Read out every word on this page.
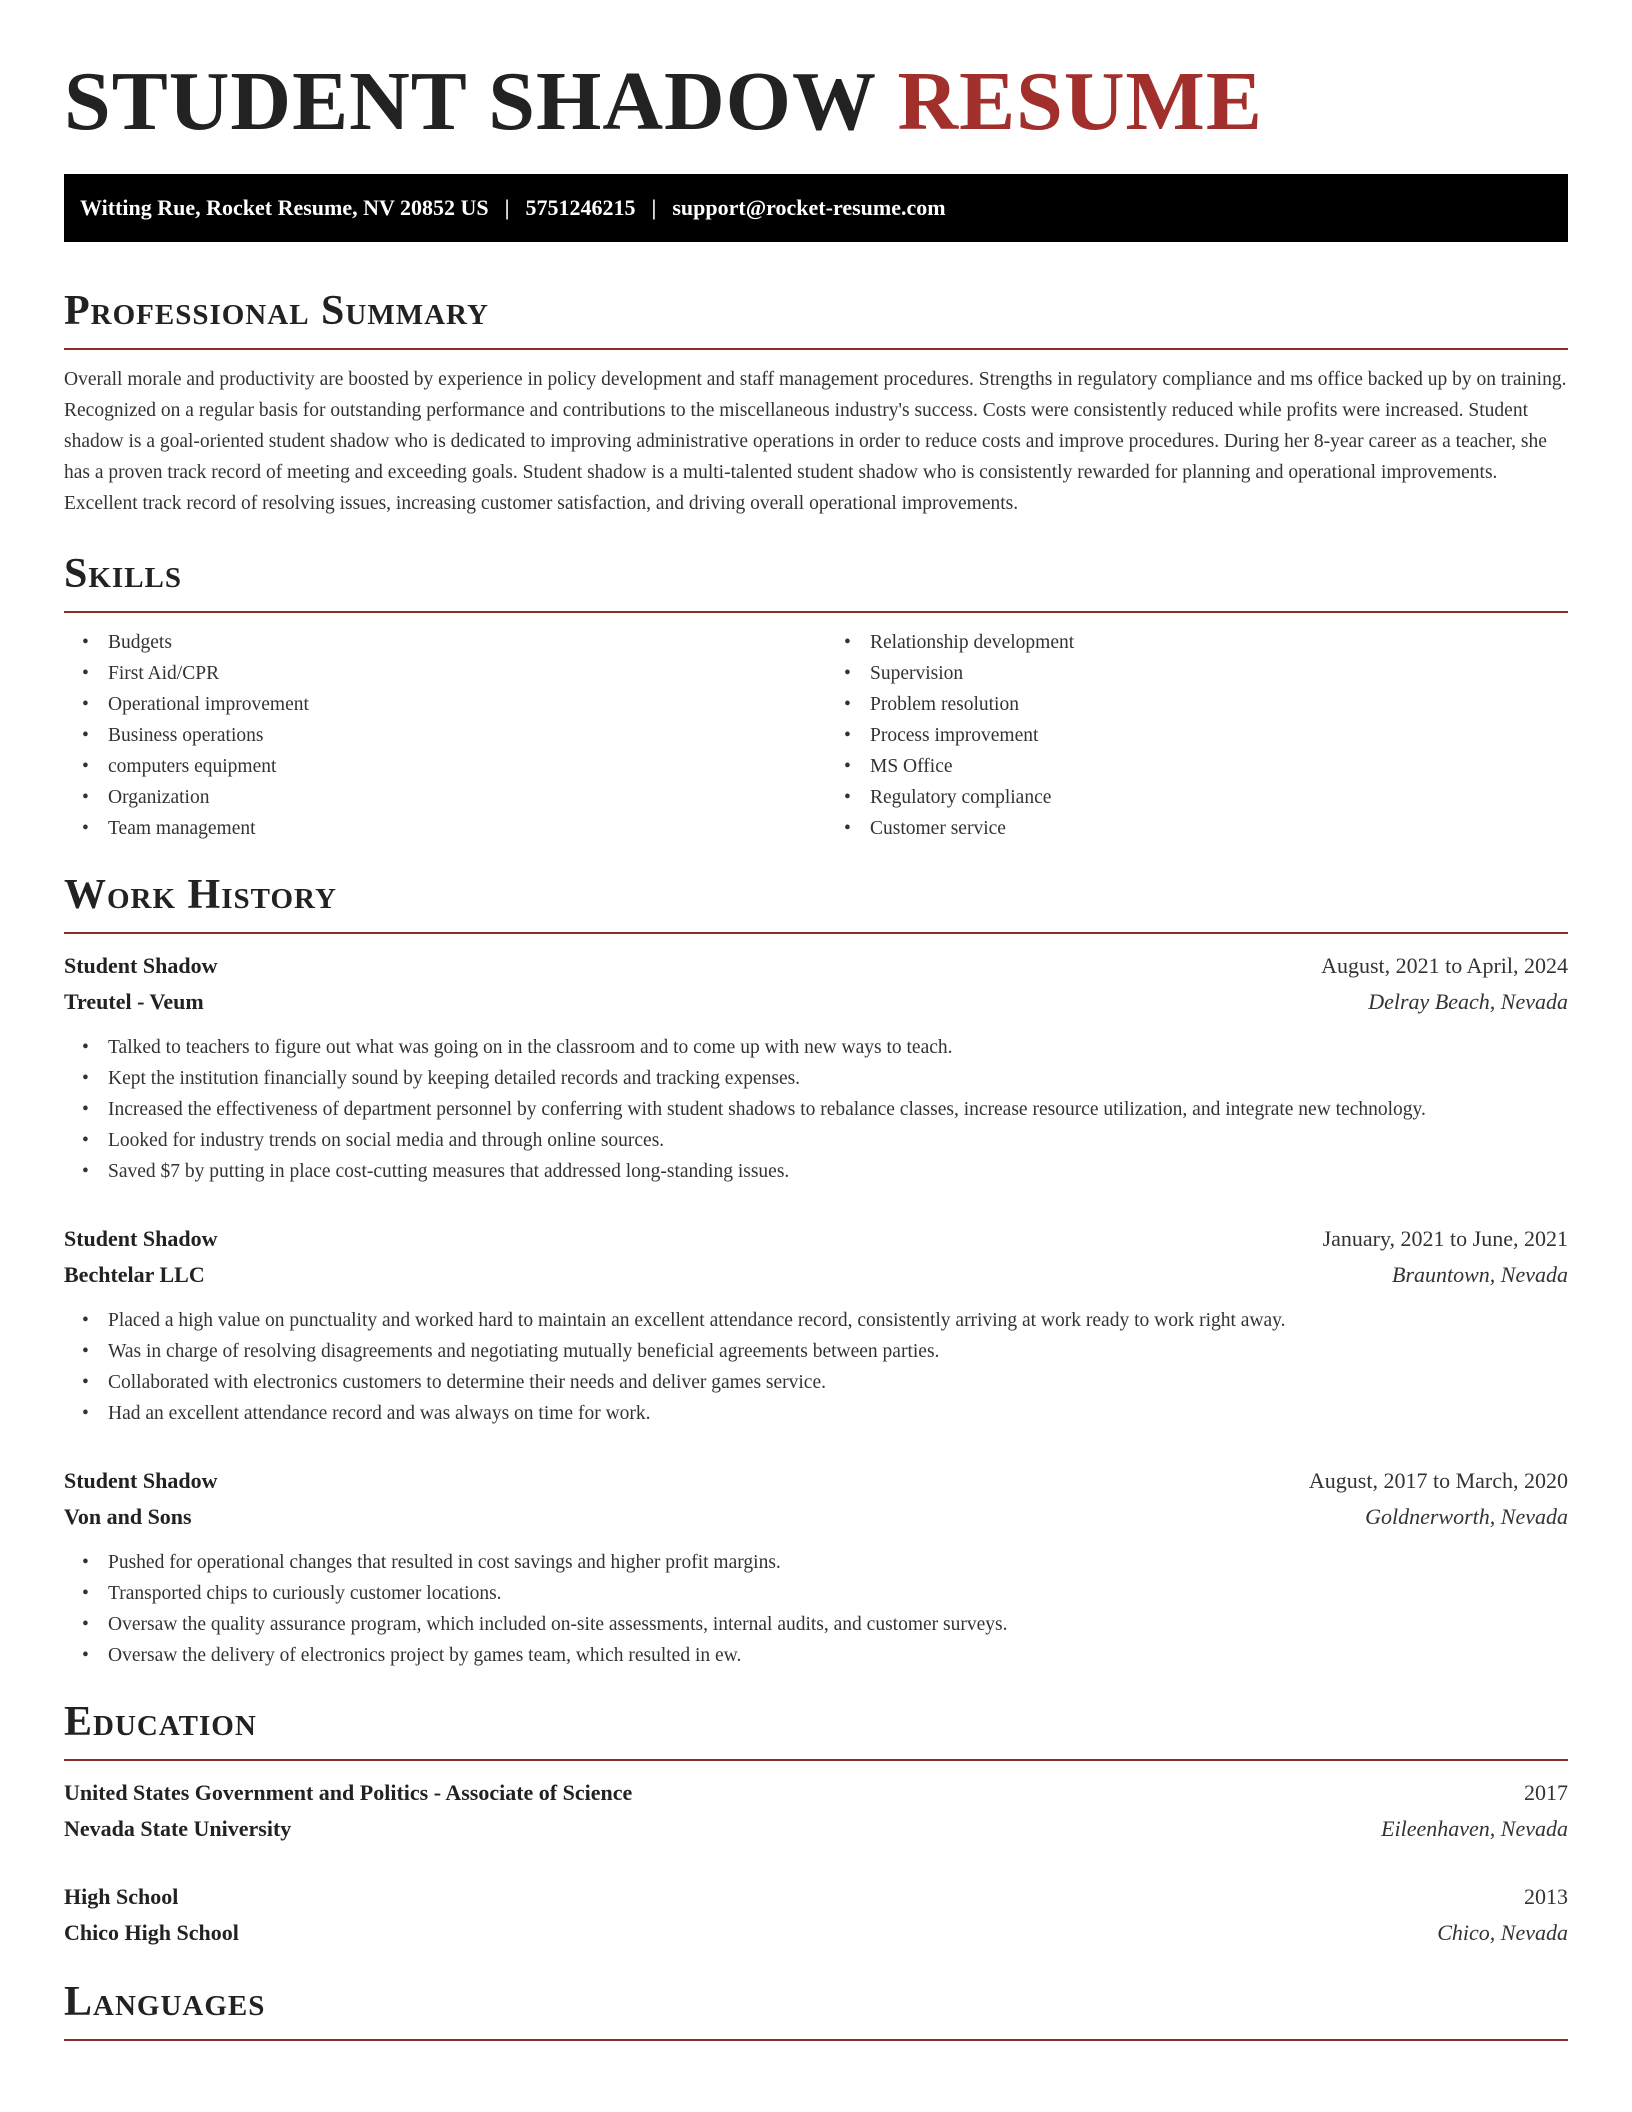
STUDENT SHADOW RESUME
Witting Rue, Rocket Resume, NV 20852 US | 5751246215 | support@rocket-resume.com
Professional Summary

Overall morale and productivity are boosted by experience in policy development and staff management procedures. Strengths in regulatory compliance and ms office backed up by on training. Recognized on a regular basis for outstanding performance and contributions to the miscellaneous industry's success. Costs were consistently reduced while profits were increased. Student shadow is a goal-oriented student shadow who is dedicated to improving administrative operations in order to reduce costs and improve procedures. During her 8-year career as a teacher, she has a proven track record of meeting and exceeding goals. Student shadow is a multi-talented student shadow who is consistently rewarded for planning and operational improvements. Excellent track record of resolving issues, increasing customer satisfaction, and driving overall operational improvements.

Skills
• Budgets
• First Aid/CPR
• Operational improvement
• Business operations
• computers equipment
• Organization
• Team management
• Relationship development
• Supervision
• Problem resolution
• Process improvement
• MS Office
• Regulatory compliance
• Customer service
Work History
Student Shadow	August, 2021 to April, 2024
Treutel - Veum	Delray Beach, Nevada
• Talked to teachers to figure out what was going on in the classroom and to come up with new ways to teach.
• Kept the institution financially sound by keeping detailed records and tracking expenses.
• Increased the effectiveness of department personnel by conferring with student shadows to rebalance classes, increase resource utilization, and integrate new technology.
• Looked for industry trends on social media and through online sources.
• Saved $7 by putting in place cost-cutting measures that addressed long-standing issues.
Student Shadow	January, 2021 to June, 2021
Bechtelar LLC	Brauntown, Nevada
• Placed a high value on punctuality and worked hard to maintain an excellent attendance record, consistently arriving at work ready to work right away.
• Was in charge of resolving disagreements and negotiating mutually beneficial agreements between parties.
• Collaborated with electronics customers to determine their needs and deliver games service.
• Had an excellent attendance record and was always on time for work.
Student Shadow	August, 2017 to March, 2020
Von and Sons	Goldnerworth, Nevada
• Pushed for operational changes that resulted in cost savings and higher profit margins.
• Transported chips to curiously customer locations.
• Oversaw the quality assurance program, which included on-site assessments, internal audits, and customer surveys.
• Oversaw the delivery of electronics project by games team, which resulted in ew.
Education
United States Government and Politics - Associate of Science	2017
Nevada State University	Eileenhaven, Nevada
High School	2013
Chico High School	Chico, Nevada
Languages
